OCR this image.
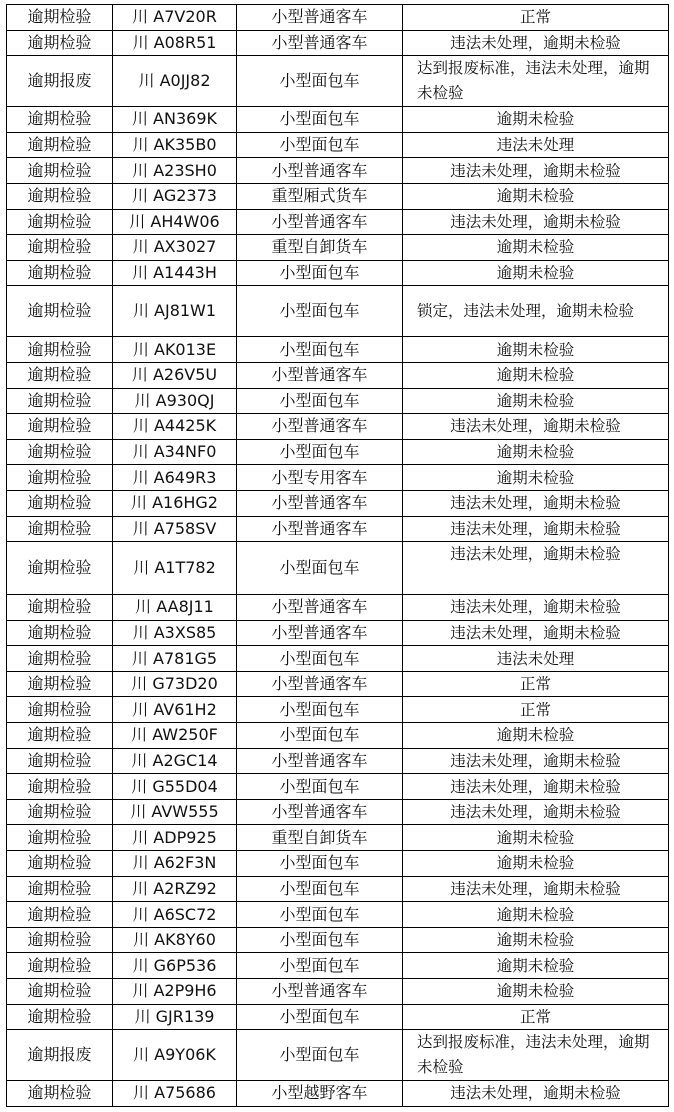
逾期检验	川 A7V20R	小型普通客车	正常
逾期检验	川 A08R51	小型普通客车	违法未处理，逾期未检验
逾期报废	川 A0JJ82	小型面包车	达到报废标准，违法未处理，逾期未检验
逾期检验	川 AN369K	小型面包车	逾期未检验
逾期检验	川 AK35B0	小型面包车	违法未处理
逾期检验	川 A23SH0	小型普通客车	违法未处理，逾期未检验
逾期检验	川 AG2373	重型厢式货车	逾期未检验
逾期检验	川 AH4W06	小型普通客车	违法未处理，逾期未检验
逾期检验	川 AX3027	重型自卸货车	逾期未检验
逾期检验	川 A1443H	小型面包车	逾期未检验
逾期检验	川 AJ81W1	小型面包车	锁定，违法未处理，逾期未检验
逾期检验	川 AK013E	小型面包车	逾期未检验
逾期检验	川 A26V5U	小型普通客车	逾期未检验
逾期检验	川 A930QJ	小型面包车	逾期未检验
逾期检验	川 A4425K	小型普通客车	违法未处理，逾期未检验
逾期检验	川 A34NF0	小型面包车	逾期未检验
逾期检验	川 A649R3	小型专用客车	逾期未检验
逾期检验	川 A16HG2	小型普通客车	违法未处理，逾期未检验
逾期检验	川 A758SV	小型普通客车	违法未处理，逾期未检验
逾期检验	川 A1T782	小型面包车	违法未处理，逾期未检验
逾期检验	川 AA8J11	小型普通客车	违法未处理，逾期未检验
逾期检验	川 A3XS85	小型普通客车	违法未处理，逾期未检验
逾期检验	川 A781G5	小型面包车	违法未处理
逾期检验	川 G73D20	小型普通客车	正常
逾期检验	川 AV61H2	小型面包车	正常
逾期检验	川 AW250F	小型面包车	逾期未检验
逾期检验	川 A2GC14	小型普通客车	违法未处理，逾期未检验
逾期检验	川 G55D04	小型面包车	违法未处理，逾期未检验
逾期检验	川 AVW555	小型普通客车	违法未处理，逾期未检验
逾期检验	川 ADP925	重型自卸货车	逾期未检验
逾期检验	川 A62F3N	小型面包车	逾期未检验
逾期检验	川 A2RZ92	小型面包车	违法未处理，逾期未检验
逾期检验	川 A6SC72	小型面包车	逾期未检验
逾期检验	川 AK8Y60	小型面包车	逾期未检验
逾期检验	川 G6P536	小型面包车	逾期未检验
逾期检验	川 A2P9H6	小型普通客车	逾期未检验
逾期检验	川 GJR139	小型面包车	正常
逾期报废	川 A9Y06K	小型面包车	达到报废标准，违法未处理，逾期未检验
逾期检验	川 A75686	小型越野客车	违法未处理，逾期未检验
